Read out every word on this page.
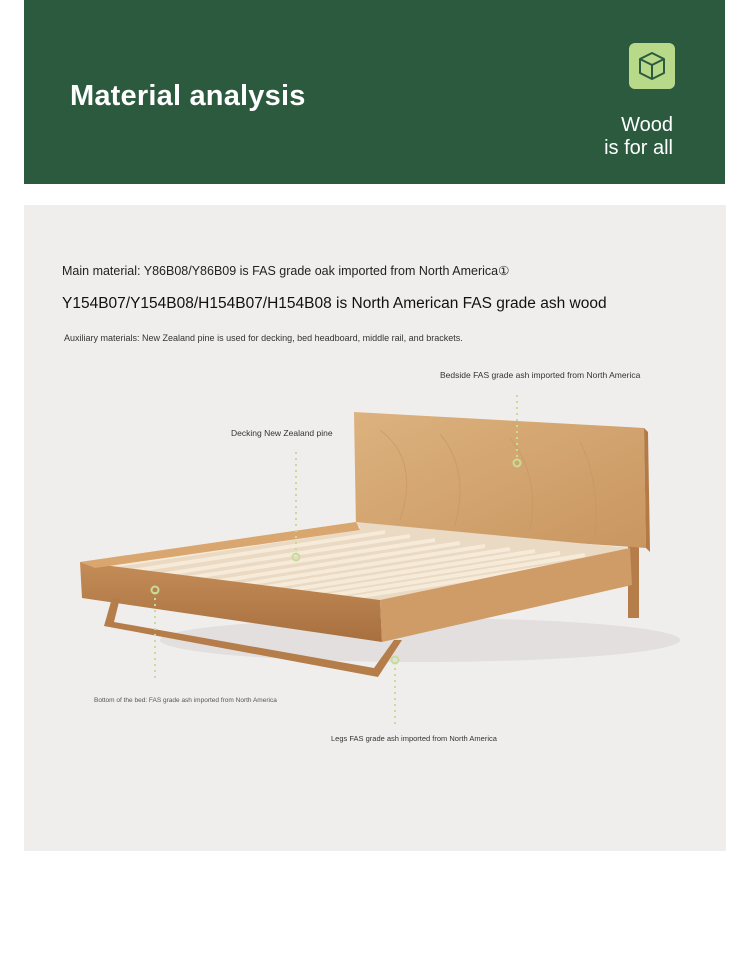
Material analysis
Wood
is for all
Main material: Y86B08/Y86B09 is FAS grade oak imported from North America①
Y154B07/Y154B08/H154B07/H154B08 is North American FAS grade ash wood
Auxiliary materials: New Zealand pine is used for decking, bed headboard, middle rail, and brackets.
Bedside FAS grade ash imported from North America
Decking New Zealand pine
Bottom of the bed: FAS grade ash imported from North America
Legs FAS grade ash imported from North America
